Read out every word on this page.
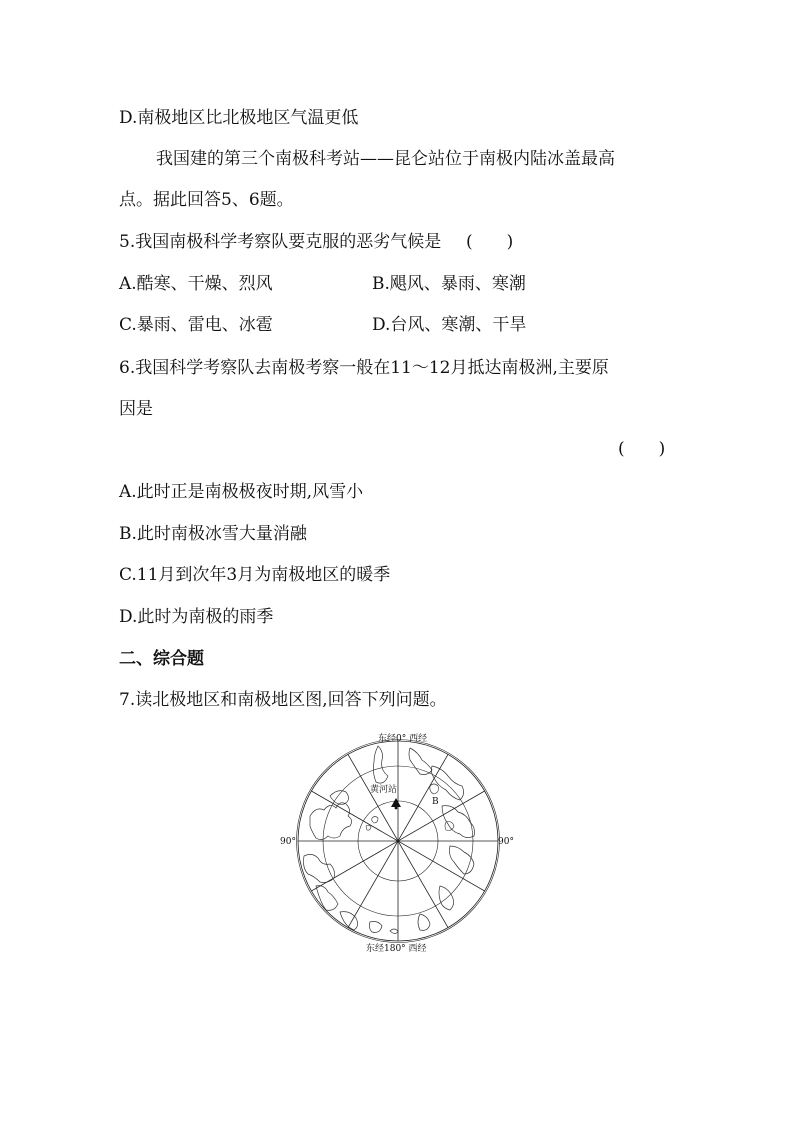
D.南极地区比北极地区气温更低
我国建的第三个南极科考站——昆仑站位于南极内陆冰盖最高
点。据此回答5、6题。
5.我国南极科学考察队要克服的恶劣气候是 (　　)
A.酷寒、干燥、烈风	B.飓风、暴雨、寒潮
C.暴雨、雷电、冰雹	D.台风、寒潮、干旱
6.我国科学考察队去南极考察一般在11～12月抵达南极洲,主要原
因是
(　　)
A.此时正是南极极夜时期,风雪小
B.此时南极冰雪大量消融
C.11月到次年3月为南极地区的暖季
D.此时为南极的雨季
二、综合题
7.读北极地区和南极地区图,回答下列问题。
东经0° 西经
东经180° 西经
90°	90°
黄河站
B
